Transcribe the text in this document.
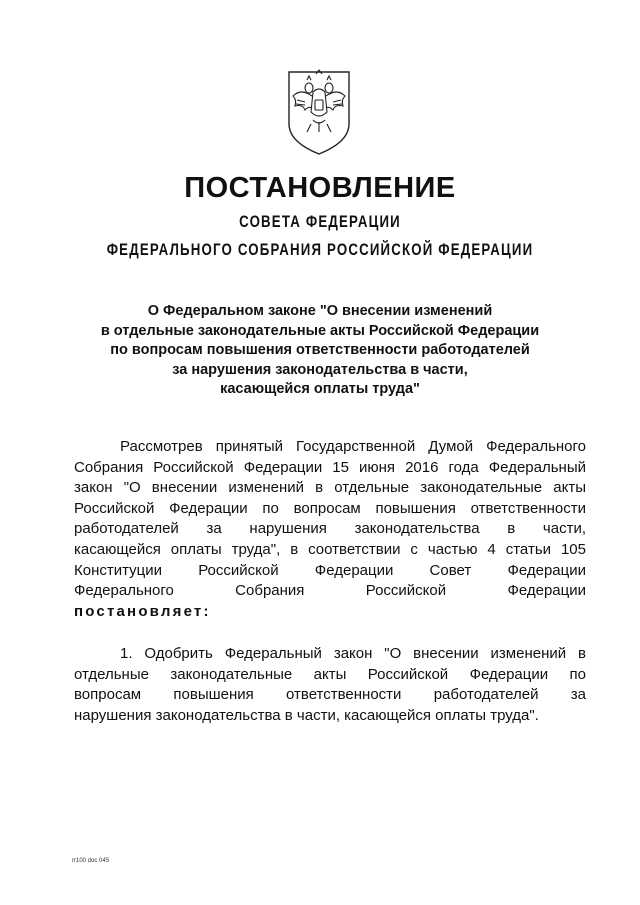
ПОСТАНОВЛЕНИЕ
СОВЕТА ФЕДЕРАЦИИ
ФЕДЕРАЛЬНОГО СОБРАНИЯ РОССИЙСКОЙ ФЕДЕРАЦИИ
О Федеральном законе "О внесении изменений
в отдельные законодательные акты Российской Федерации
по вопросам повышения ответственности работодателей
за нарушения законодательства в части,
касающейся оплаты труда"
Рассмотрев принятый Государственной Думой Федерального
Собрания Российской Федерации 15 июня 2016 года Федеральный
закон "О внесении изменений в отдельные законодательные акты
Российской Федерации по вопросам повышения ответственности
работодателей за нарушения законодательства в части,
касающейся оплаты труда", в соответствии с частью 4 статьи 105
Конституции Российской Федерации Совет Федерации
Федерального Собрания Российской Федерации
постановляет:
1. Одобрить Федеральный закон "О внесении изменений в
отдельные законодательные акты Российской Федерации по
вопросам повышения ответственности работодателей за
нарушения законодательства в части, касающейся оплаты труда".
rr100 doc 045
